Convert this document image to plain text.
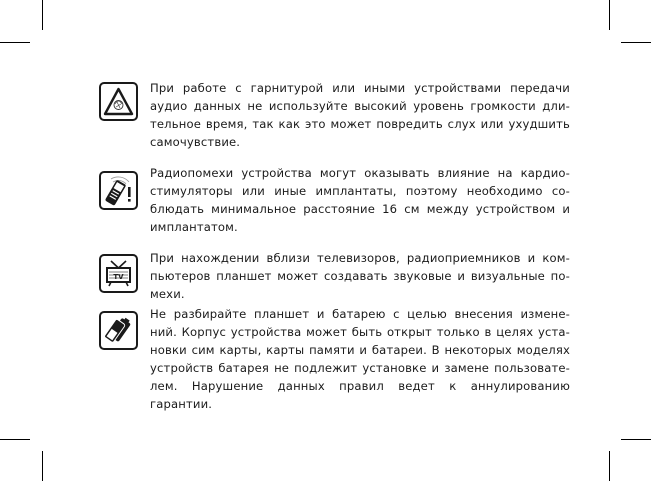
При работе с гарнитурой или иными устройствами передачи аудио данных не используйте высокий уровень громкости дли-тельное время, так как это может повредить слух или ухудшить самочувствие.

Радиопомехи устройства могут оказывать влияние на кардио-стимуляторы или иные имплантаты, поэтому необходимо со-блюдать минимальное расстояние 16 см между устройством и имплантатом.

TV

При нахождении вблизи телевизоров, радиоприемников и ком-пьютеров планшет может создавать звуковые и визуальные по-мехи.

Не разбирайте планшет и батарею с целью внесения измене-ний. Корпус устройства может быть открыт только в целях уста-новки сим карты, карты памяти и батареи. В некоторых моделях устройств батарея не подлежит установке и замене пользовате-лем. Нарушение данных правил ведет к аннулированию гарантии.
